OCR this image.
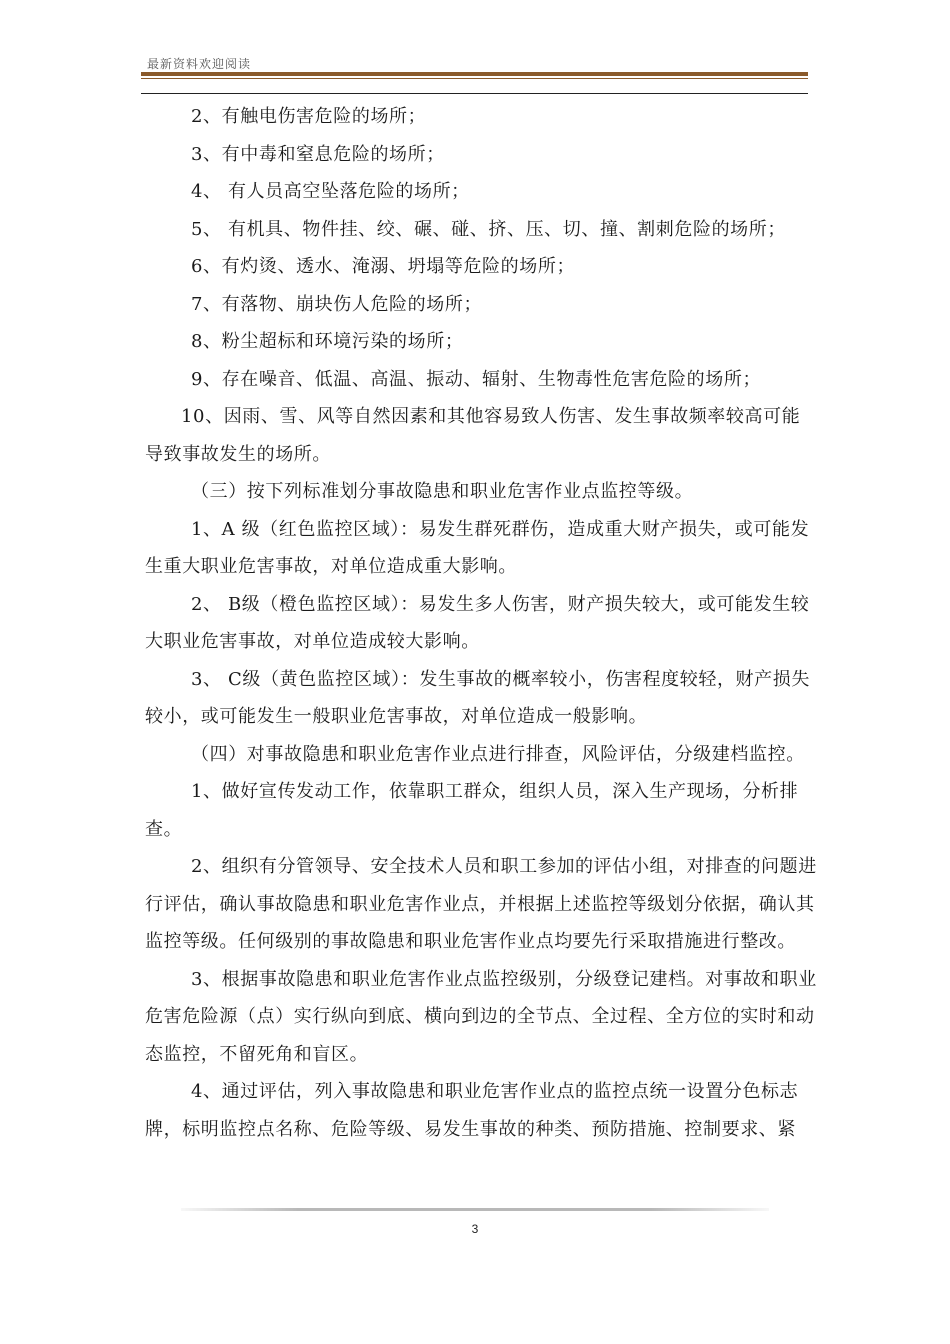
最新资料欢迎阅读

2、有触电伤害危险的场所；

3、有中毒和窒息危险的场所；

4、 有人员高空坠落危险的场所；

5、 有机具、物件挂、绞、碾、碰、挤、压、切、撞、割刺危险的场所；

6、有灼烫、透水、淹溺、坍塌等危险的场所；

7、有落物、崩块伤人危险的场所；

8、粉尘超标和环境污染的场所；

9、存在噪音、低温、高温、振动、辐射、生物毒性危害危险的场所；

10、因雨、雪、风等自然因素和其他容易致人伤害、发生事故频率较高可能导致事故发生的场所。

（三）按下列标准划分事故隐患和职业危害作业点监控等级。

1、A 级（红色监控区域）：易发生群死群伤，造成重大财产损失，或可能发生重大职业危害事故，对单位造成重大影响。

2、 B级（橙色监控区域）：易发生多人伤害，财产损失较大，或可能发生较大职业危害事故，对单位造成较大影响。

3、 C级（黄色监控区域）：发生事故的概率较小，伤害程度较轻，财产损失较小，或可能发生一般职业危害事故，对单位造成一般影响。

（四）对事故隐患和职业危害作业点进行排查，风险评估，分级建档监控。

1、做好宣传发动工作，依靠职工群众，组织人员，深入生产现场，分析排查。

2、组织有分管领导、安全技术人员和职工参加的评估小组，对排查的问题进行评估，确认事故隐患和职业危害作业点，并根据上述监控等级划分依据，确认其监控等级。任何级别的事故隐患和职业危害作业点均要先行采取措施进行整改。

3、根据事故隐患和职业危害作业点监控级别，分级登记建档。对事故和职业危害危险源（点）实行纵向到底、横向到边的全节点、全过程、全方位的实时和动态监控，不留死角和盲区。

4、通过评估，列入事故隐患和职业危害作业点的监控点统一设置分色标志牌，标明监控点名称、危险等级、易发生事故的种类、预防措施、控制要求、紧

3
